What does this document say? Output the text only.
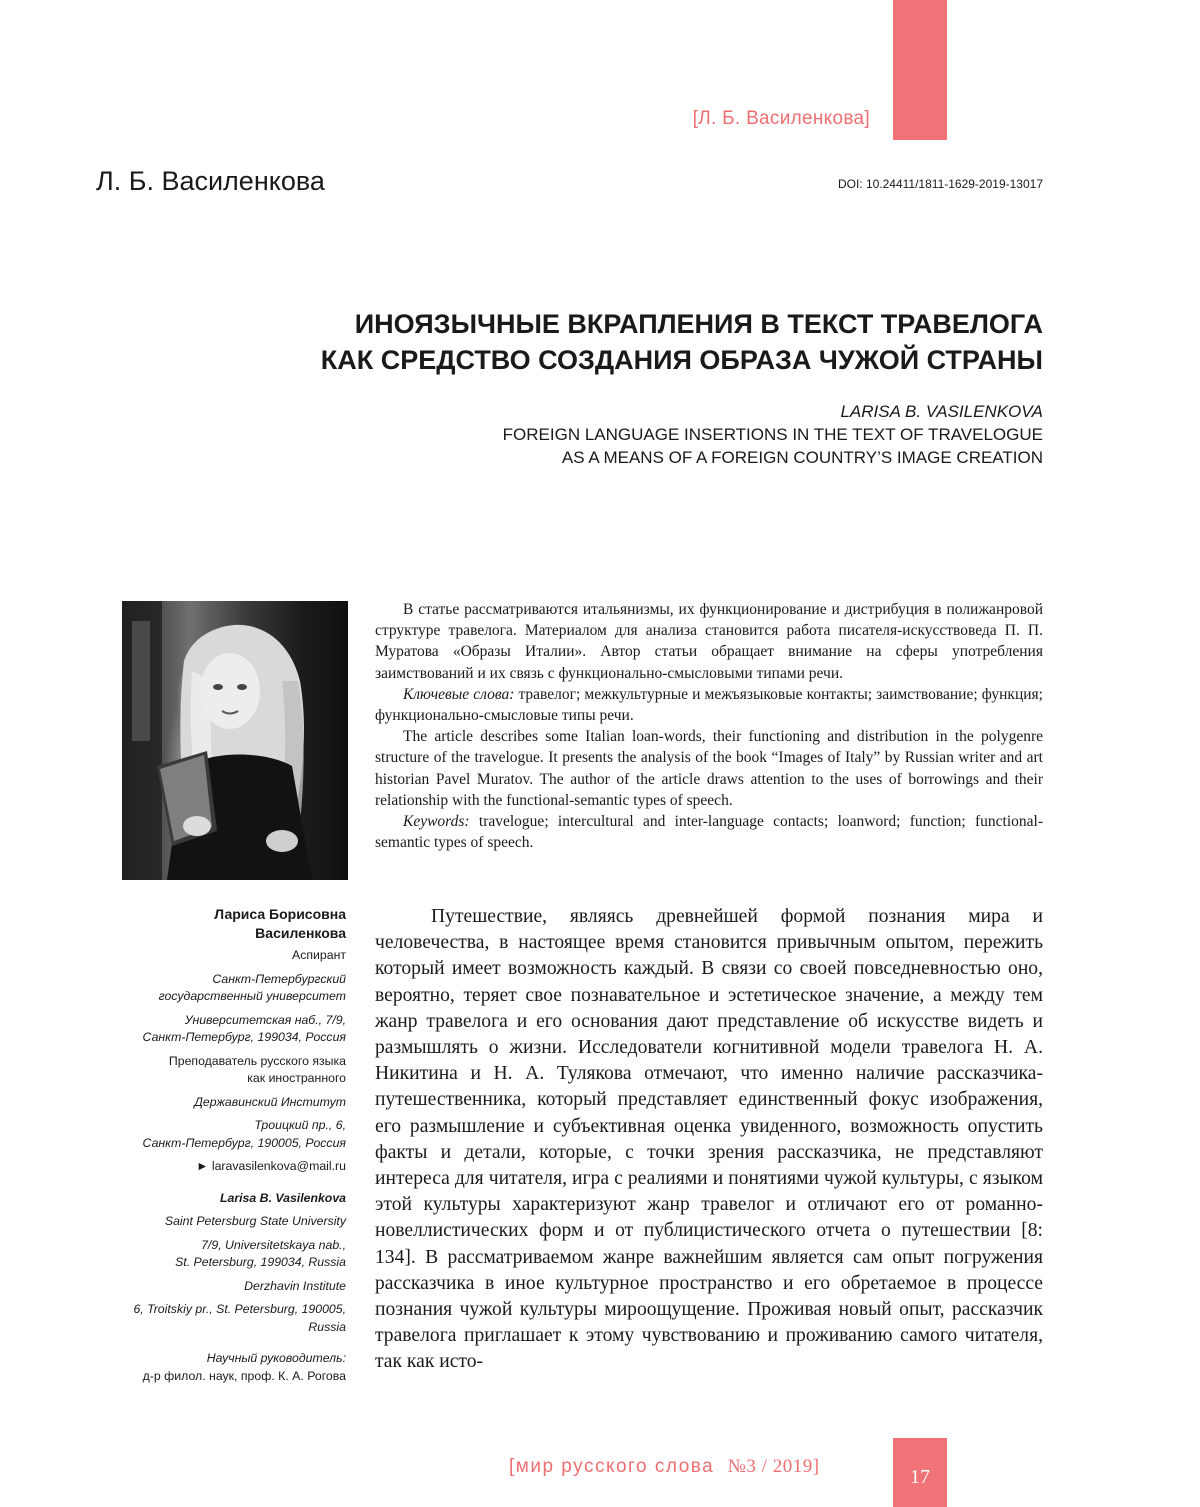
[Л. Б. Василенкова]
Л. Б. Василенкова	DOI: 10.24411/1811-1629-2019-13017
ИНОЯЗЫЧНЫЕ ВКРАПЛЕНИЯ В ТЕКСТ ТРАВЕЛОГА
КАК СРЕДСТВО СОЗДАНИЯ ОБРАЗА ЧУЖОЙ СТРАНЫ
LARISA B. VASILENKOVA
FOREIGN LANGUAGE INSERTIONS IN THE TEXT OF TRAVELOGUE
AS A MEANS OF A FOREIGN COUNTRY’S IMAGE CREATION

В статье рассматриваются итальянизмы, их функционирование и дистрибуция в полижанровой структуре травелога. Материалом для анализа становится работа писателя-искусствоведа П. П. Муратова «Образы Италии». Автор статьи обращает внимание на сферы употребления заимствований и их связь с функционально-смысловыми типами речи.

Ключевые слова: травелог; межкультурные и межъязыковые контакты; заимствование; функция; функционально-смысловые типы речи.

The article describes some Italian loan-words, their functioning and distribution in the polygenre structure of the travelogue. It presents the analysis of the book “Images of Italy” by Russian writer and art historian Pavel Muratov. The author of the article draws attention to the uses of borrowings and their relationship with the functional-semantic types of speech.

Keywords: travelogue; intercultural and inter-language contacts; loanword; function; functional-semantic types of speech.

Лариса Борисовна
Василенкова

Аспирант

Санкт-Петербургский
государственный университет

Университетская наб., 7/9,
Санкт-Петербург, 199034, Россия

Преподаватель русского языка
как иностранного

Державинский Институт

Троицкий пр., 6,
Санкт-Петербург, 190005, Россия

► laravasilenkova@mail.ru

Larisa B. Vasilenkova

Saint Petersburg State University

7/9, Universitetskaya nab.,
St. Petersburg, 199034, Russia

Derzhavin Institute

6, Troitskiy pr., St. Petersburg, 190005, Russia

Научный руководитель:

д-р филол. наук, проф. К. А. Рогова

Путешествие, являясь древнейшей формой познания мира и человечества, в настоящее время становится привычным опытом, пережить который имеет возможность каждый. В связи со своей повседневностью оно, вероятно, теряет свое познавательное и эстетическое значение, а между тем жанр травелога и его основания дают представление об искусстве видеть и размышлять о жизни. Исследователи когнитивной модели травелога Н. А. Никитина и Н. А. Тулякова отмечают, что именно наличие рассказчика-путешественника, который представляет единственный фокус изображения, его размышление и субъективная оценка увиденного, возможность опустить факты и детали, которые, с точки зрения рассказчика, не представляют интереса для читателя, игра с реалиями и понятиями чужой культуры, с языком этой культуры характеризуют жанр травелог и отличают его от романно-новеллистических форм и от публицистического отчета о путешествии [8: 134]. В рассматриваемом жанре важнейшим является сам опыт погружения рассказчика в иное культурное пространство и его обретаемое в процессе познания чужой культуры мироощущение. Проживая новый опыт, рассказчик травелога приглашает к этому чувствованию и проживанию самого читателя, так как исто-

[мир русского слова №3 / 2019]	17
